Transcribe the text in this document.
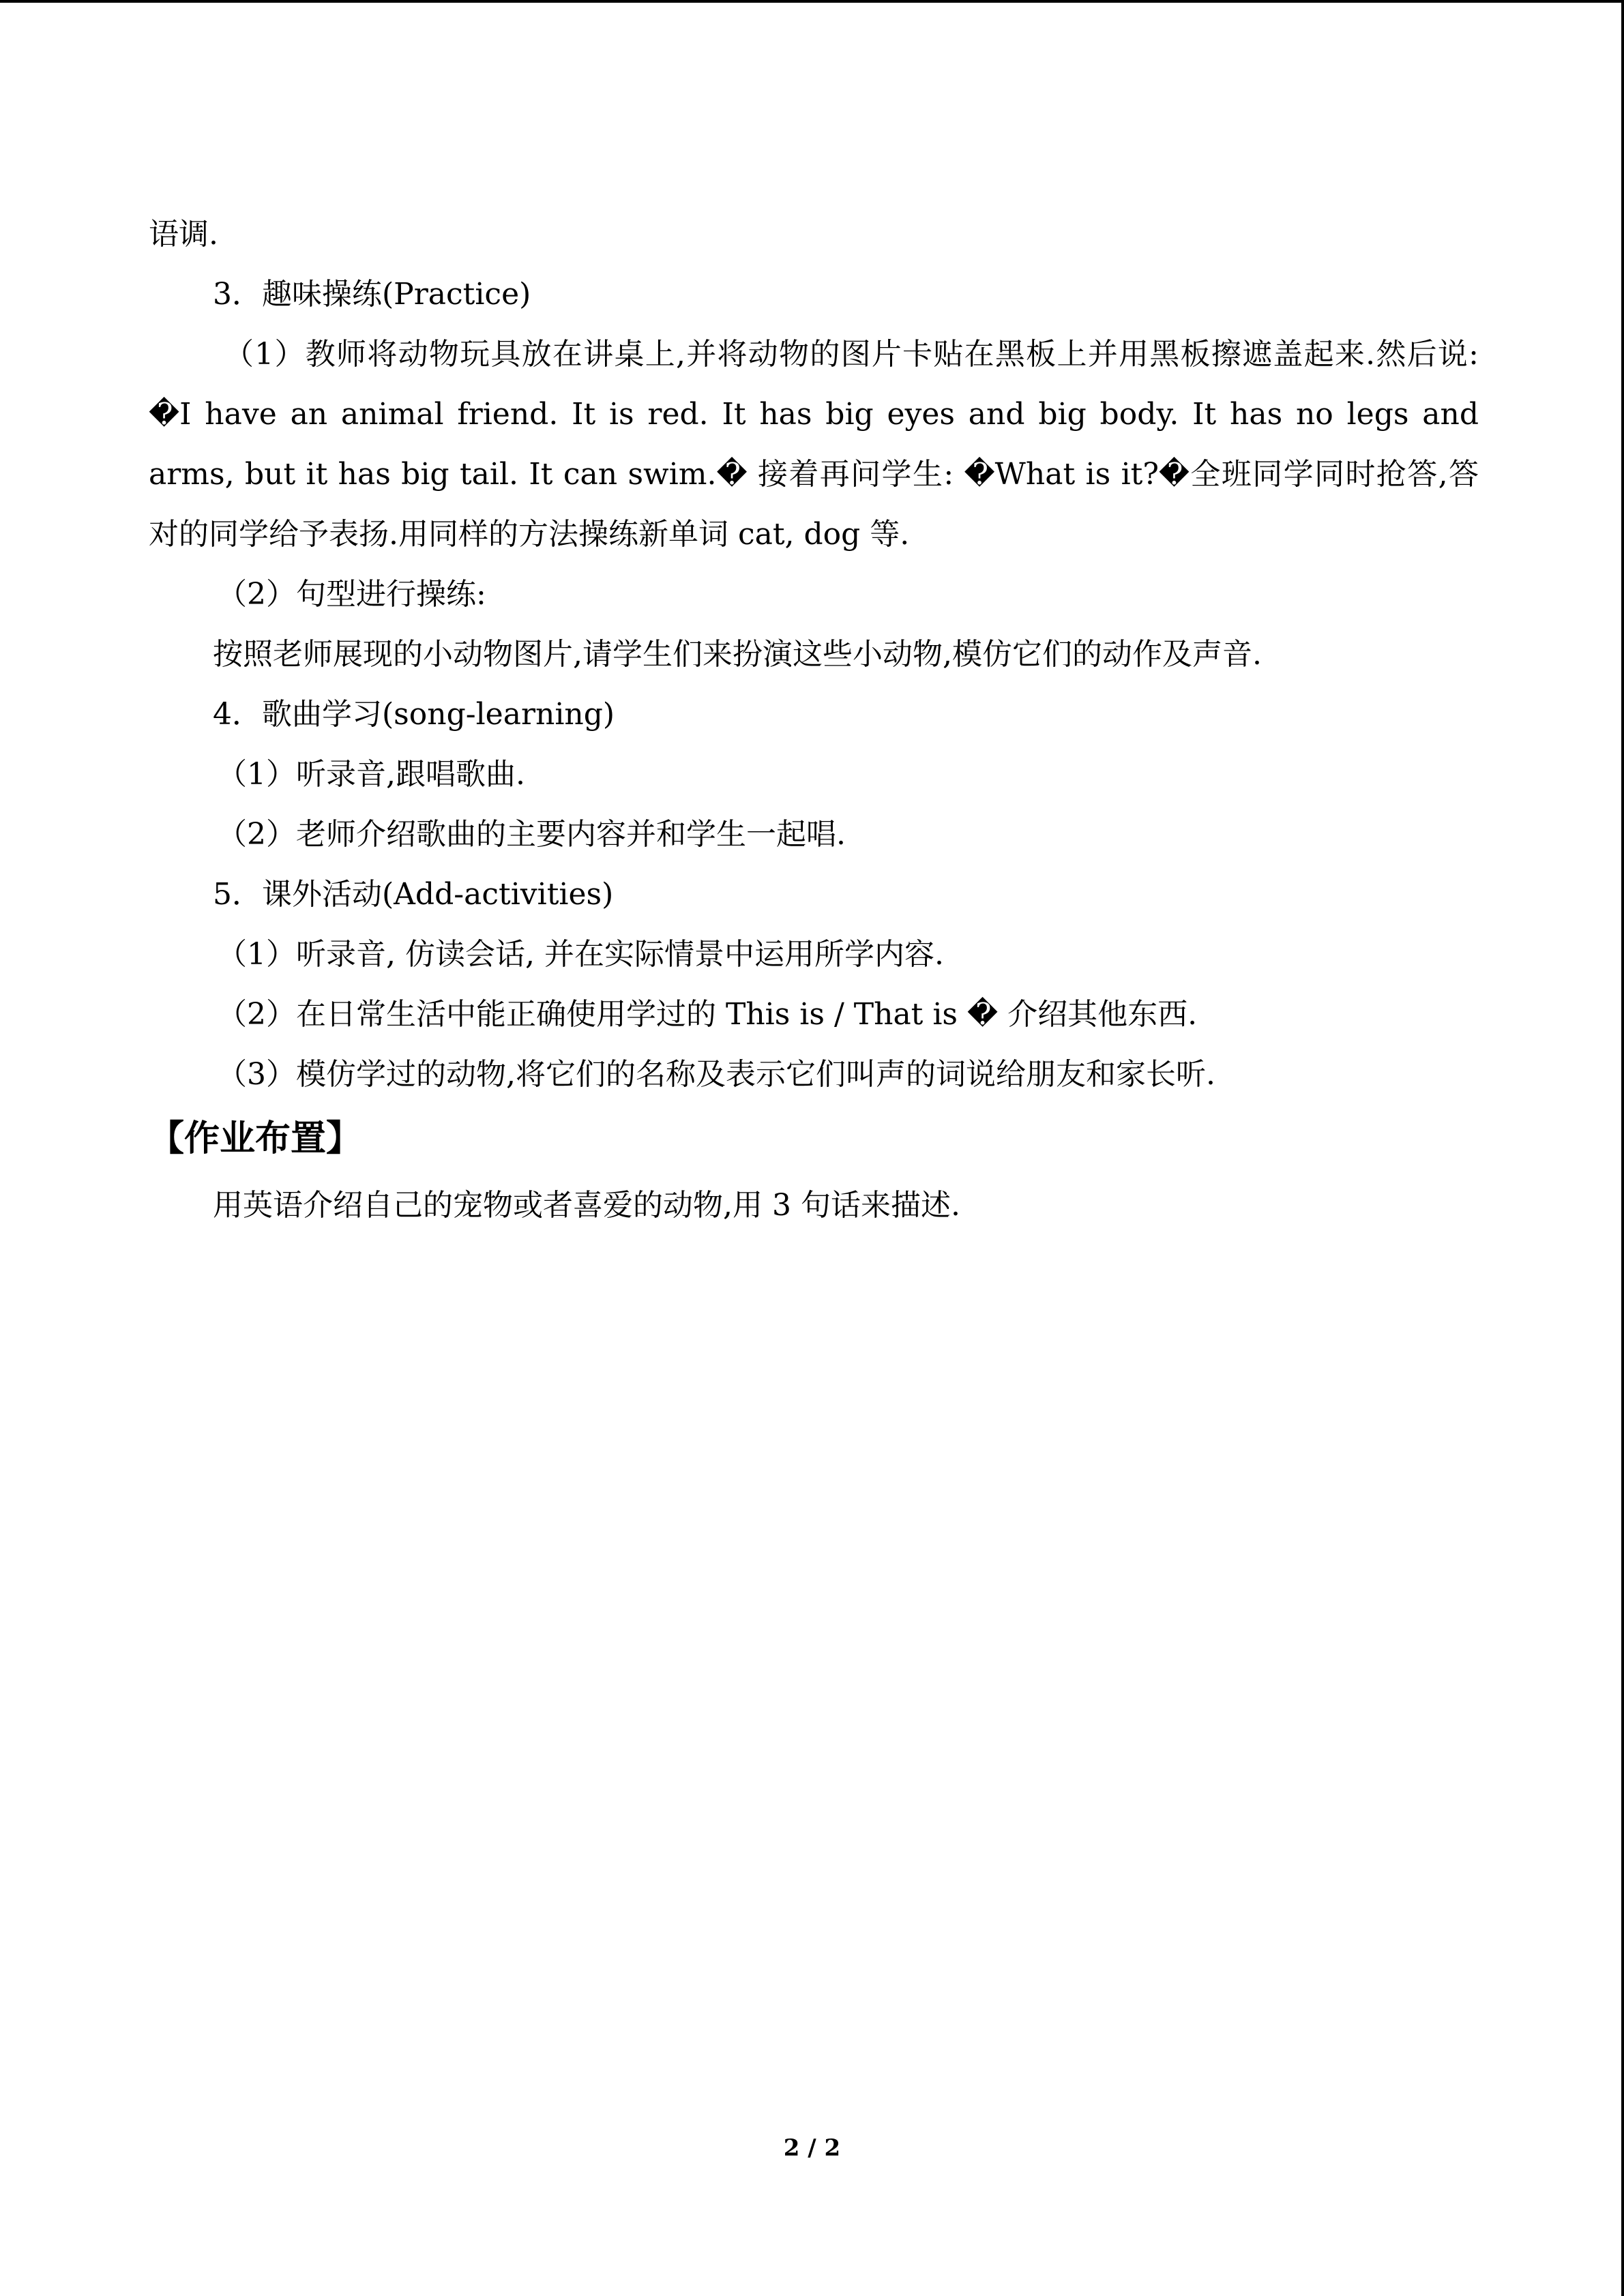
语调.

3．趣味操练(Practice)

（1）教师将动物玩具放在讲桌上,并将动物的图片卡贴在黑板上并用黑板擦遮盖起来.然后说: �I have an animal friend. It is red. It has big eyes and big body. It has no legs and arms, but it has big tail. It can swim.� 接着再问学生: �What is it?�全班同学同时抢答,答对的同学给予表扬.用同样的方法操练新单词 cat, dog 等.

（2）句型进行操练:

按照老师展现的小动物图片,请学生们来扮演这些小动物,模仿它们的动作及声音.

4．歌曲学习(song-learning)

（1）听录音,跟唱歌曲.

（2）老师介绍歌曲的主要内容并和学生一起唱.

5．课外活动(Add-activities)

（1）听录音, 仿读会话, 并在实际情景中运用所学内容.

（2）在日常生活中能正确使用学过的 This is / That is � 介绍其他东西.

（3）模仿学过的动物,将它们的名称及表示它们叫声的词说给朋友和家长听.

【作业布置】

用英语介绍自己的宠物或者喜爱的动物,用 3 句话来描述.

2 / 2
